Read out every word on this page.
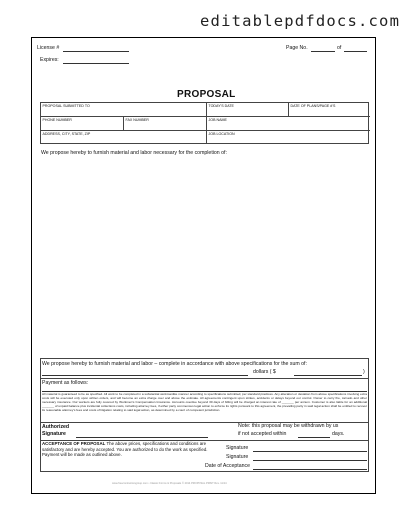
editablepdfdocs.com
License #
Expires:
Page No.	of
PROPOSAL
PROPOSAL SUBMITTED TO	TODAY'S DATE	DATE OF PLANS/PAGE #'S
PHONE NUMBER	FAX NUMBER	JOB NAME
ADDRESS, CITY, STATE, ZIP	JOB LOCATION
We propose hereby to furnish material and labor necessary for the completion of:
We propose hereby to furnish material and labor – complete in accordance with above specifications for the sum of:
dollars ( $	)
Payment as follows:
All material is guaranteed to be as specified. All work to be completed in a substantial workmanlike manner according to specifications submitted, per standard practices. Any alteration or deviation from above specifications involving extra costs will be executed only upon written orders, and will become an extra charge over and above the estimate. All agreements contingent upon strikes, accidents or delays beyond our control. Owner to carry fire, tornado and other necessary insurance. Our workers are fully covered by Workmen's Compensation Insurance. Accounts overdue beyond 30 days of billing will be charged an interest rate of _______ per annum. Customer is also liable for an additional _______ of unpaid balance plus incidental collections costs, including attorney fees, if either party commences legal action to enforce its rights pursuant to this agreement, the prevailing party in said legal action shall be entitled to recover its reasonable attorney's fees and costs of litigation relating to said legal action, as determined by a court of competent jurisdiction.
Authorized
Signature
Note: this proposal may be withdrawn by us
if not accepted within	days.
ACCEPTANCE OF PROPOSAL The above prices, specifications and conditions are satisfactory and are hereby accepted. You are authorized to do the work as specified. Payment will be made as outlined above.
Signature
Signature
Date of Acceptance
www.freecontractorsgroup.com • Classic Forms & Proposals © 2014 PROPOSAL PRINT Rev. 11/14
